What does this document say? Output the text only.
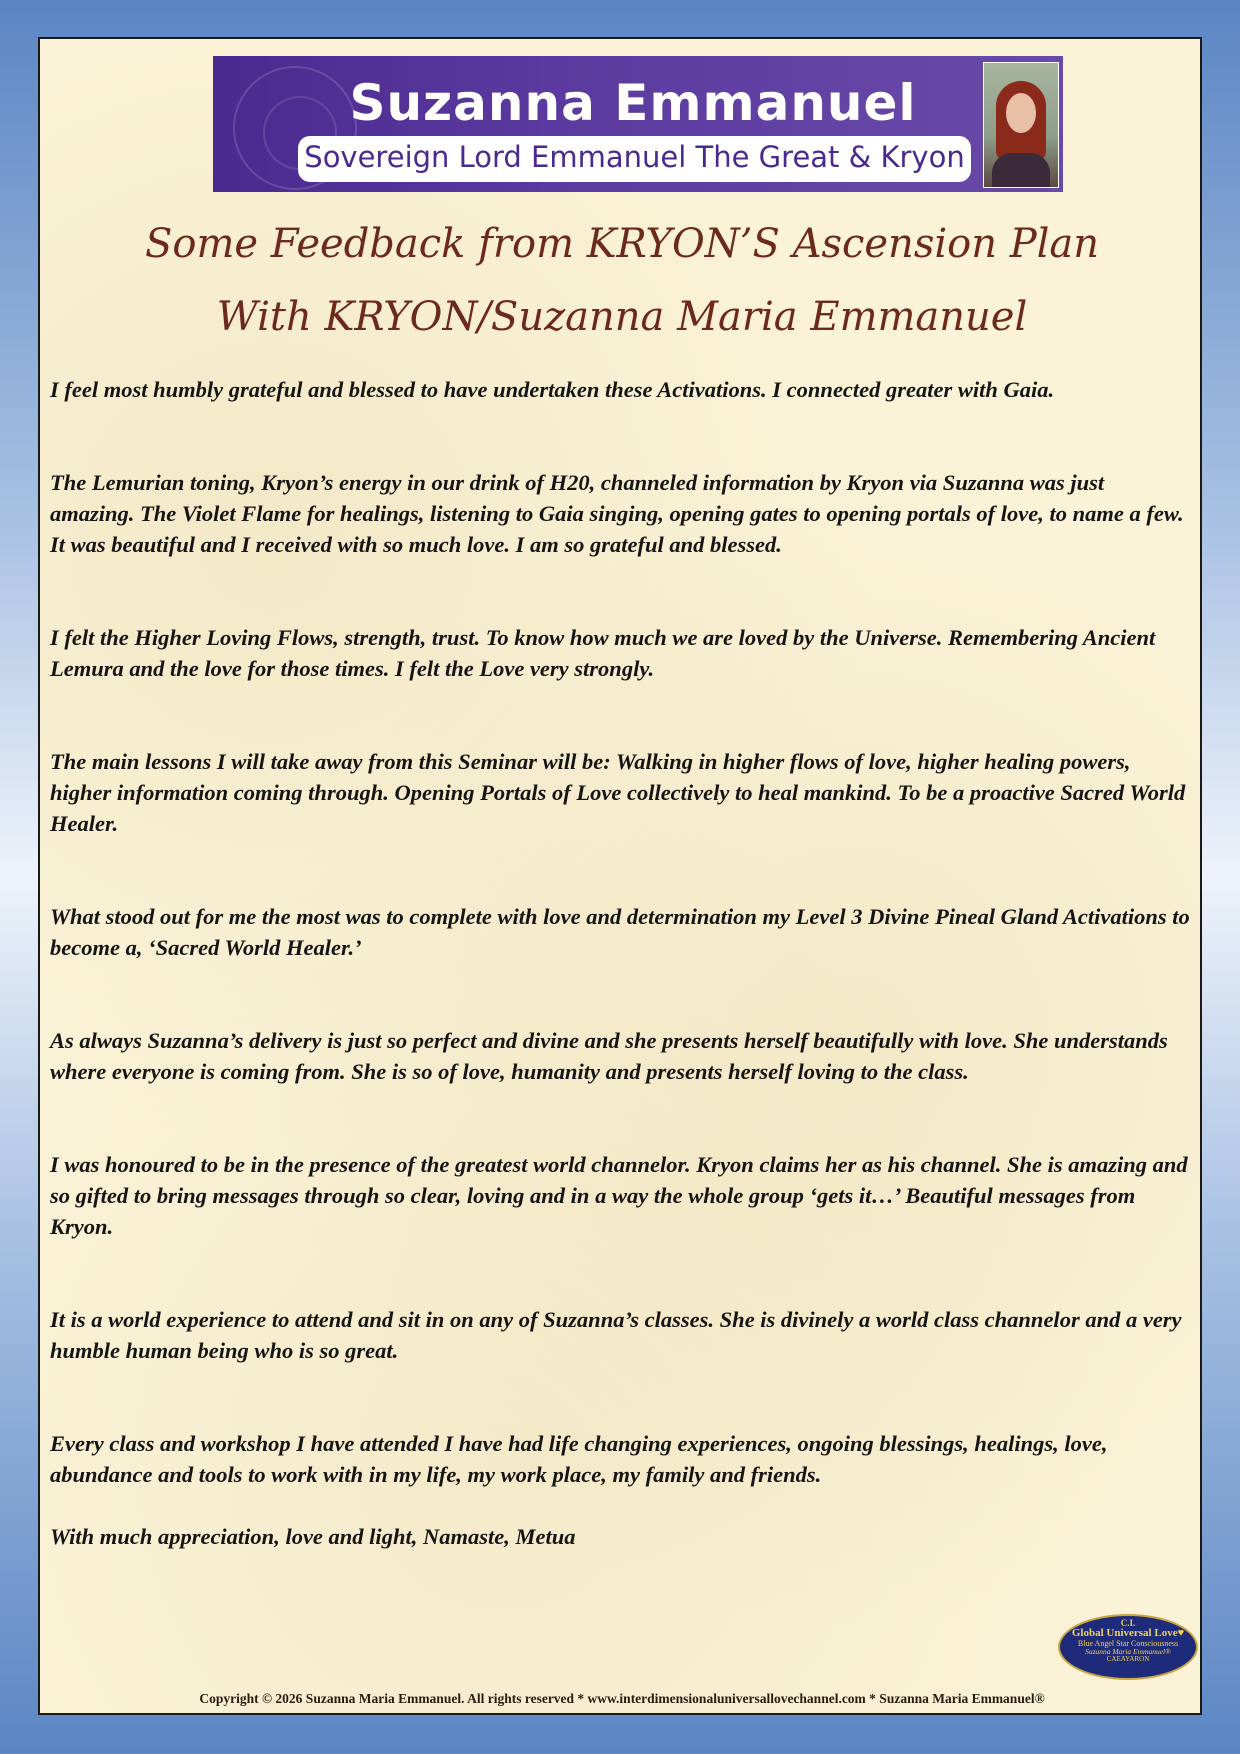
Suzanna Emmanuel
Sovereign Lord Emmanuel The Great & Kryon
Some Feedback from KRYON’S Ascension Plan
With KRYON/Suzanna Maria Emmanuel

I feel most humbly grateful and blessed to have undertaken these Activations. I connected greater with Gaia.

The Lemurian toning, Kryon’s energy in our drink of H20, channeled information by Kryon via Suzanna was just amazing. The Violet Flame for healings, listening to Gaia singing, opening gates to opening portals of love, to name a few. It was beautiful and I received with so much love. I am so grateful and blessed.

I felt the Higher Loving Flows, strength, trust. To know how much we are loved by the Universe. Remembering Ancient Lemura and the love for those times. I felt the Love very strongly.

The main lessons I will take away from this Seminar will be: Walking in higher flows of love, higher healing powers, higher information coming through. Opening Portals of Love collectively to heal mankind. To be a proactive Sacred World Healer.

What stood out for me the most was to complete with love and determination my Level 3 Divine Pineal Gland Activations to become a, ‘Sacred World Healer.’

As always Suzanna’s delivery is just so perfect and divine and she presents herself beautifully with love. She understands where everyone is coming from. She is so of love, humanity and presents herself loving to the class.

I was honoured to be in the presence of the greatest world channelor. Kryon claims her as his channel. She is amazing and so gifted to bring messages through so clear, loving and in a way the whole group ‘gets it…’ Beautiful messages from Kryon.

It is a world experience to attend and sit in on any of Suzanna’s classes. She is divinely a world class channelor and a very humble human being who is so great.

Every class and workshop I have attended I have had life changing experiences, ongoing blessings, healings, love, abundance and tools to work with in my life, my work place, my family and friends.

With much appreciation, love and light, Namaste, Metua

C.I.
Global Universal Love♥
Blue Angel Star Consciousness
Suzanna Maria Emmanuel®
CAEAYARON
Copyright © 2026 Suzanna Maria Emmanuel. All rights reserved * www.interdimensionaluniversallovechannel.com * Suzanna Maria Emmanuel®
